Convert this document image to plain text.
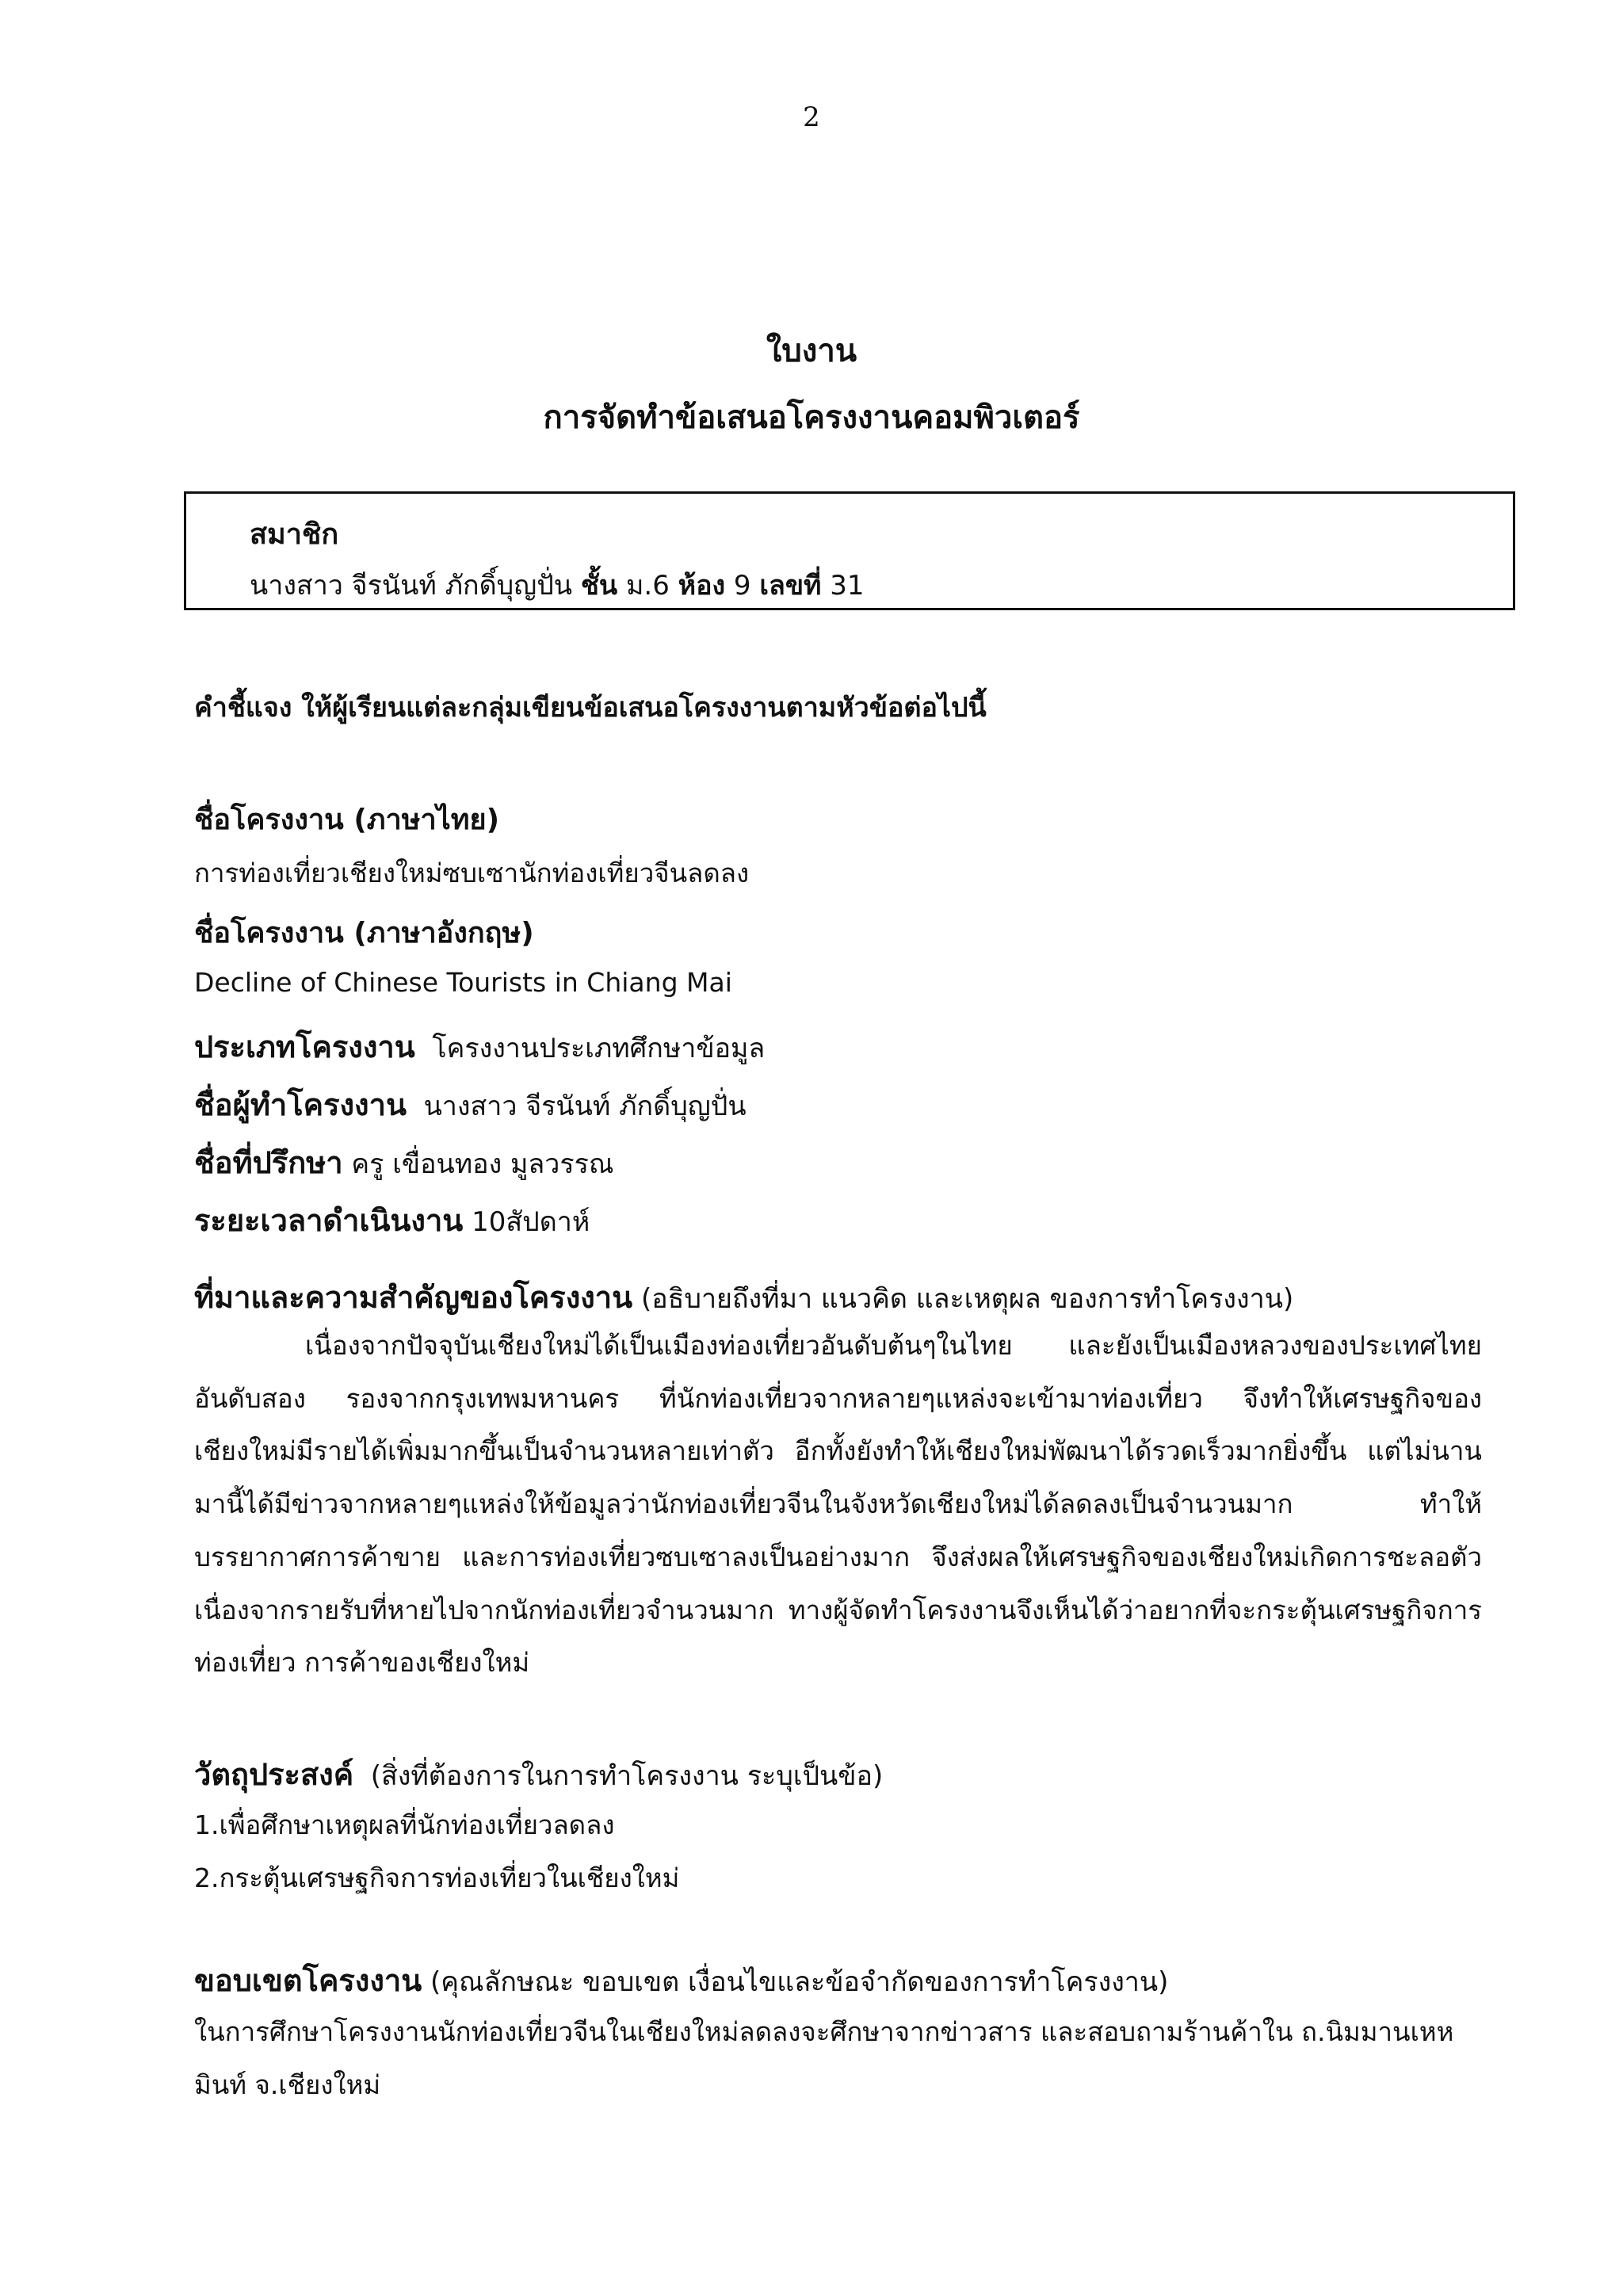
2
ใบงาน
การจัดทำข้อเสนอโครงงานคอมพิวเตอร์
สมาชิก
นางสาว จีรนันท์ ภักดิ์บุญปั่น ชั้น ม.6 ห้อง 9 เลขที่ 31
คำชี้แจง ให้ผู้เรียนแต่ละกลุ่มเขียนข้อเสนอโครงงานตามหัวข้อต่อไปนี้
ชื่อโครงงาน (ภาษาไทย)
การท่องเที่ยวเชียงใหม่ซบเซานักท่องเที่ยวจีนลดลง
ชื่อโครงงาน (ภาษาอังกฤษ)
Decline of Chinese Tourists in Chiang Mai
ประเภทโครงงาน โครงงานประเภทศึกษาข้อมูล
ชื่อผู้ทำโครงงาน นางสาว จีรนันท์ ภักดิ์บุญปั่น
ชื่อที่ปรึกษา ครู เขื่อนทอง มูลวรรณ
ระยะเวลาดำเนินงาน 10สัปดาห์
ที่มาและความสำคัญของโครงงาน (อธิบายถึงที่มา แนวคิด และเหตุผล ของการทำโครงงาน)

เนื่องจากปัจจุบันเชียงใหม่ได้เป็นเมืองท่องเที่ยวอันดับต้นๆในไทย และยังเป็นเมืองหลวงของประเทศไทยอันดับสอง รองจากกรุงเทพมหานคร ที่นักท่องเที่ยวจากหลายๆแหล่งจะเข้ามาท่องเที่ยว จึงทำให้เศรษฐกิจของเชียงใหม่มีรายได้เพิ่มมากขึ้นเป็นจำนวนหลายเท่าตัว อีกทั้งยังทำให้เชียงใหม่พัฒนาได้รวดเร็วมากยิ่งขึ้น แต่ไม่นานมานี้ได้มีข่าวจากหลายๆแหล่งให้ข้อมูลว่านักท่องเที่ยวจีนในจังหวัดเชียงใหม่ได้ลดลงเป็นจำนวนมาก ทำให้บรรยากาศการค้าขาย และการท่องเที่ยวซบเซาลงเป็นอย่างมาก จึงส่งผลให้เศรษฐกิจของเชียงใหม่เกิดการชะลอตัว เนื่องจากรายรับที่หายไปจากนักท่องเที่ยวจำนวนมาก ทางผู้จัดทำโครงงานจึงเห็นได้ว่าอยากที่จะกระตุ้นเศรษฐกิจการท่องเที่ยว การค้าของเชียงใหม่

วัตถุประสงค์ (สิ่งที่ต้องการในการทำโครงงาน ระบุเป็นข้อ)
1.เพื่อศึกษาเหตุผลที่นักท่องเที่ยวลดลง
2.กระตุ้นเศรษฐกิจการท่องเที่ยวในเชียงใหม่
ขอบเขตโครงงาน (คุณลักษณะ ขอบเขต เงื่อนไขและข้อจำกัดของการทำโครงงาน)
ในการศึกษาโครงงานนักท่องเที่ยวจีนในเชียงใหม่ลดลงจะศึกษาจากข่าวสาร และสอบถามร้านค้าใน ถ.นิมมานเหห
มินท์ จ.เชียงใหม่
